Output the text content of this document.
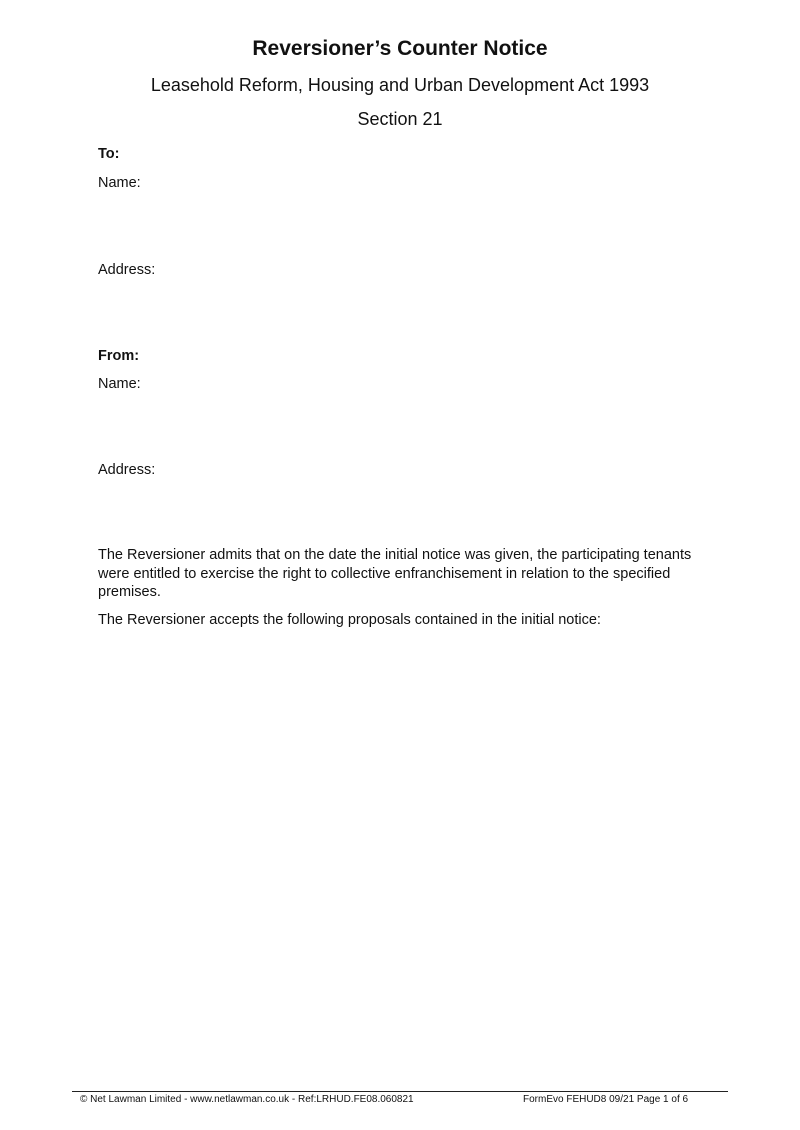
Reversioner’s Counter Notice
Leasehold Reform, Housing and Urban Development Act 1993
Section 21
To:
Name:
Address:
From:
Name:
Address:
The Reversioner admits that on the date the initial notice was given, the participating tenants were entitled to exercise the right to collective enfranchisement in relation to the specified premises.
The Reversioner accepts the following proposals contained in the initial notice:
© Net Lawman Limited - www.netlawman.co.uk - Ref:LRHUD.FE08.060821	FormEvo FEHUD8 09/21 Page 1 of 6
